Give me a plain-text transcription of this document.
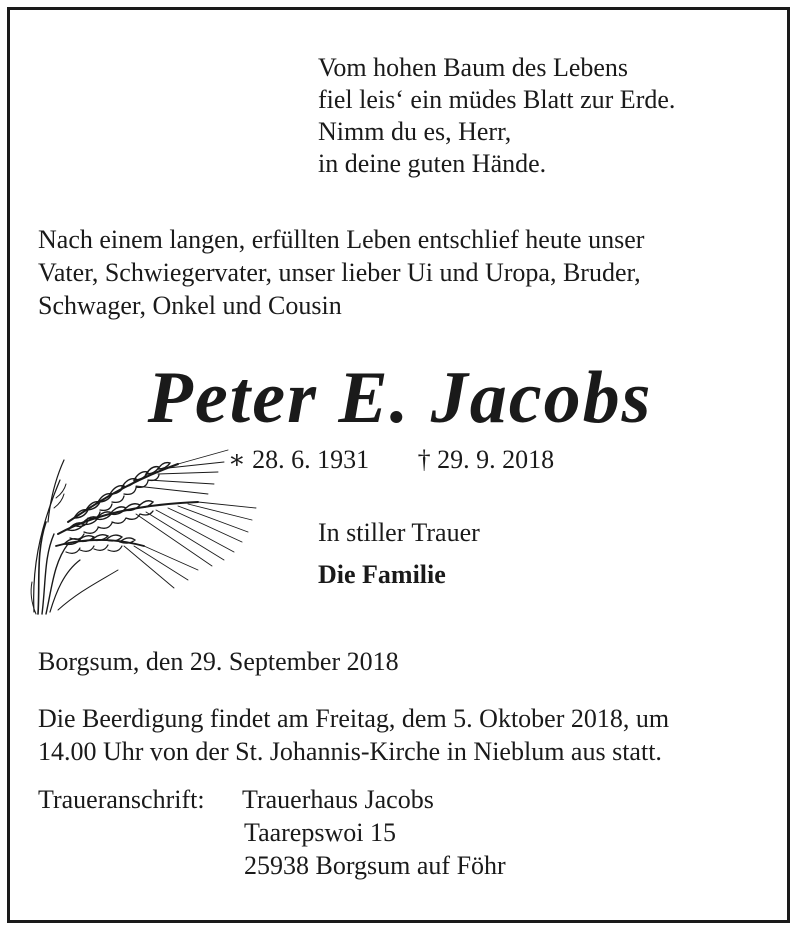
Vom hohen Baum des Lebens
fiel leis‘ ein müdes Blatt zur Erde.
Nimm du es, Herr,
in deine guten Hände.
Nach einem langen, erfüllten Leben entschlief heute unser
Vater, Schwiegervater, unser lieber Ui und Uropa, Bruder,
Schwager, Onkel und Cousin
Peter E. Jacobs
∗ 28. 6. 1931 † 29. 9. 2018
In stiller Trauer
Die Familie
Borgsum, den 29. September 2018
Die Beerdigung findet am Freitag, dem 5. Oktober 2018, um
14.00 Uhr von der St. Johannis-Kirche in Nieblum aus statt.
Traueranschrift: Trauerhaus Jacobs
Taarepswoi 15
25938 Borgsum auf Föhr
